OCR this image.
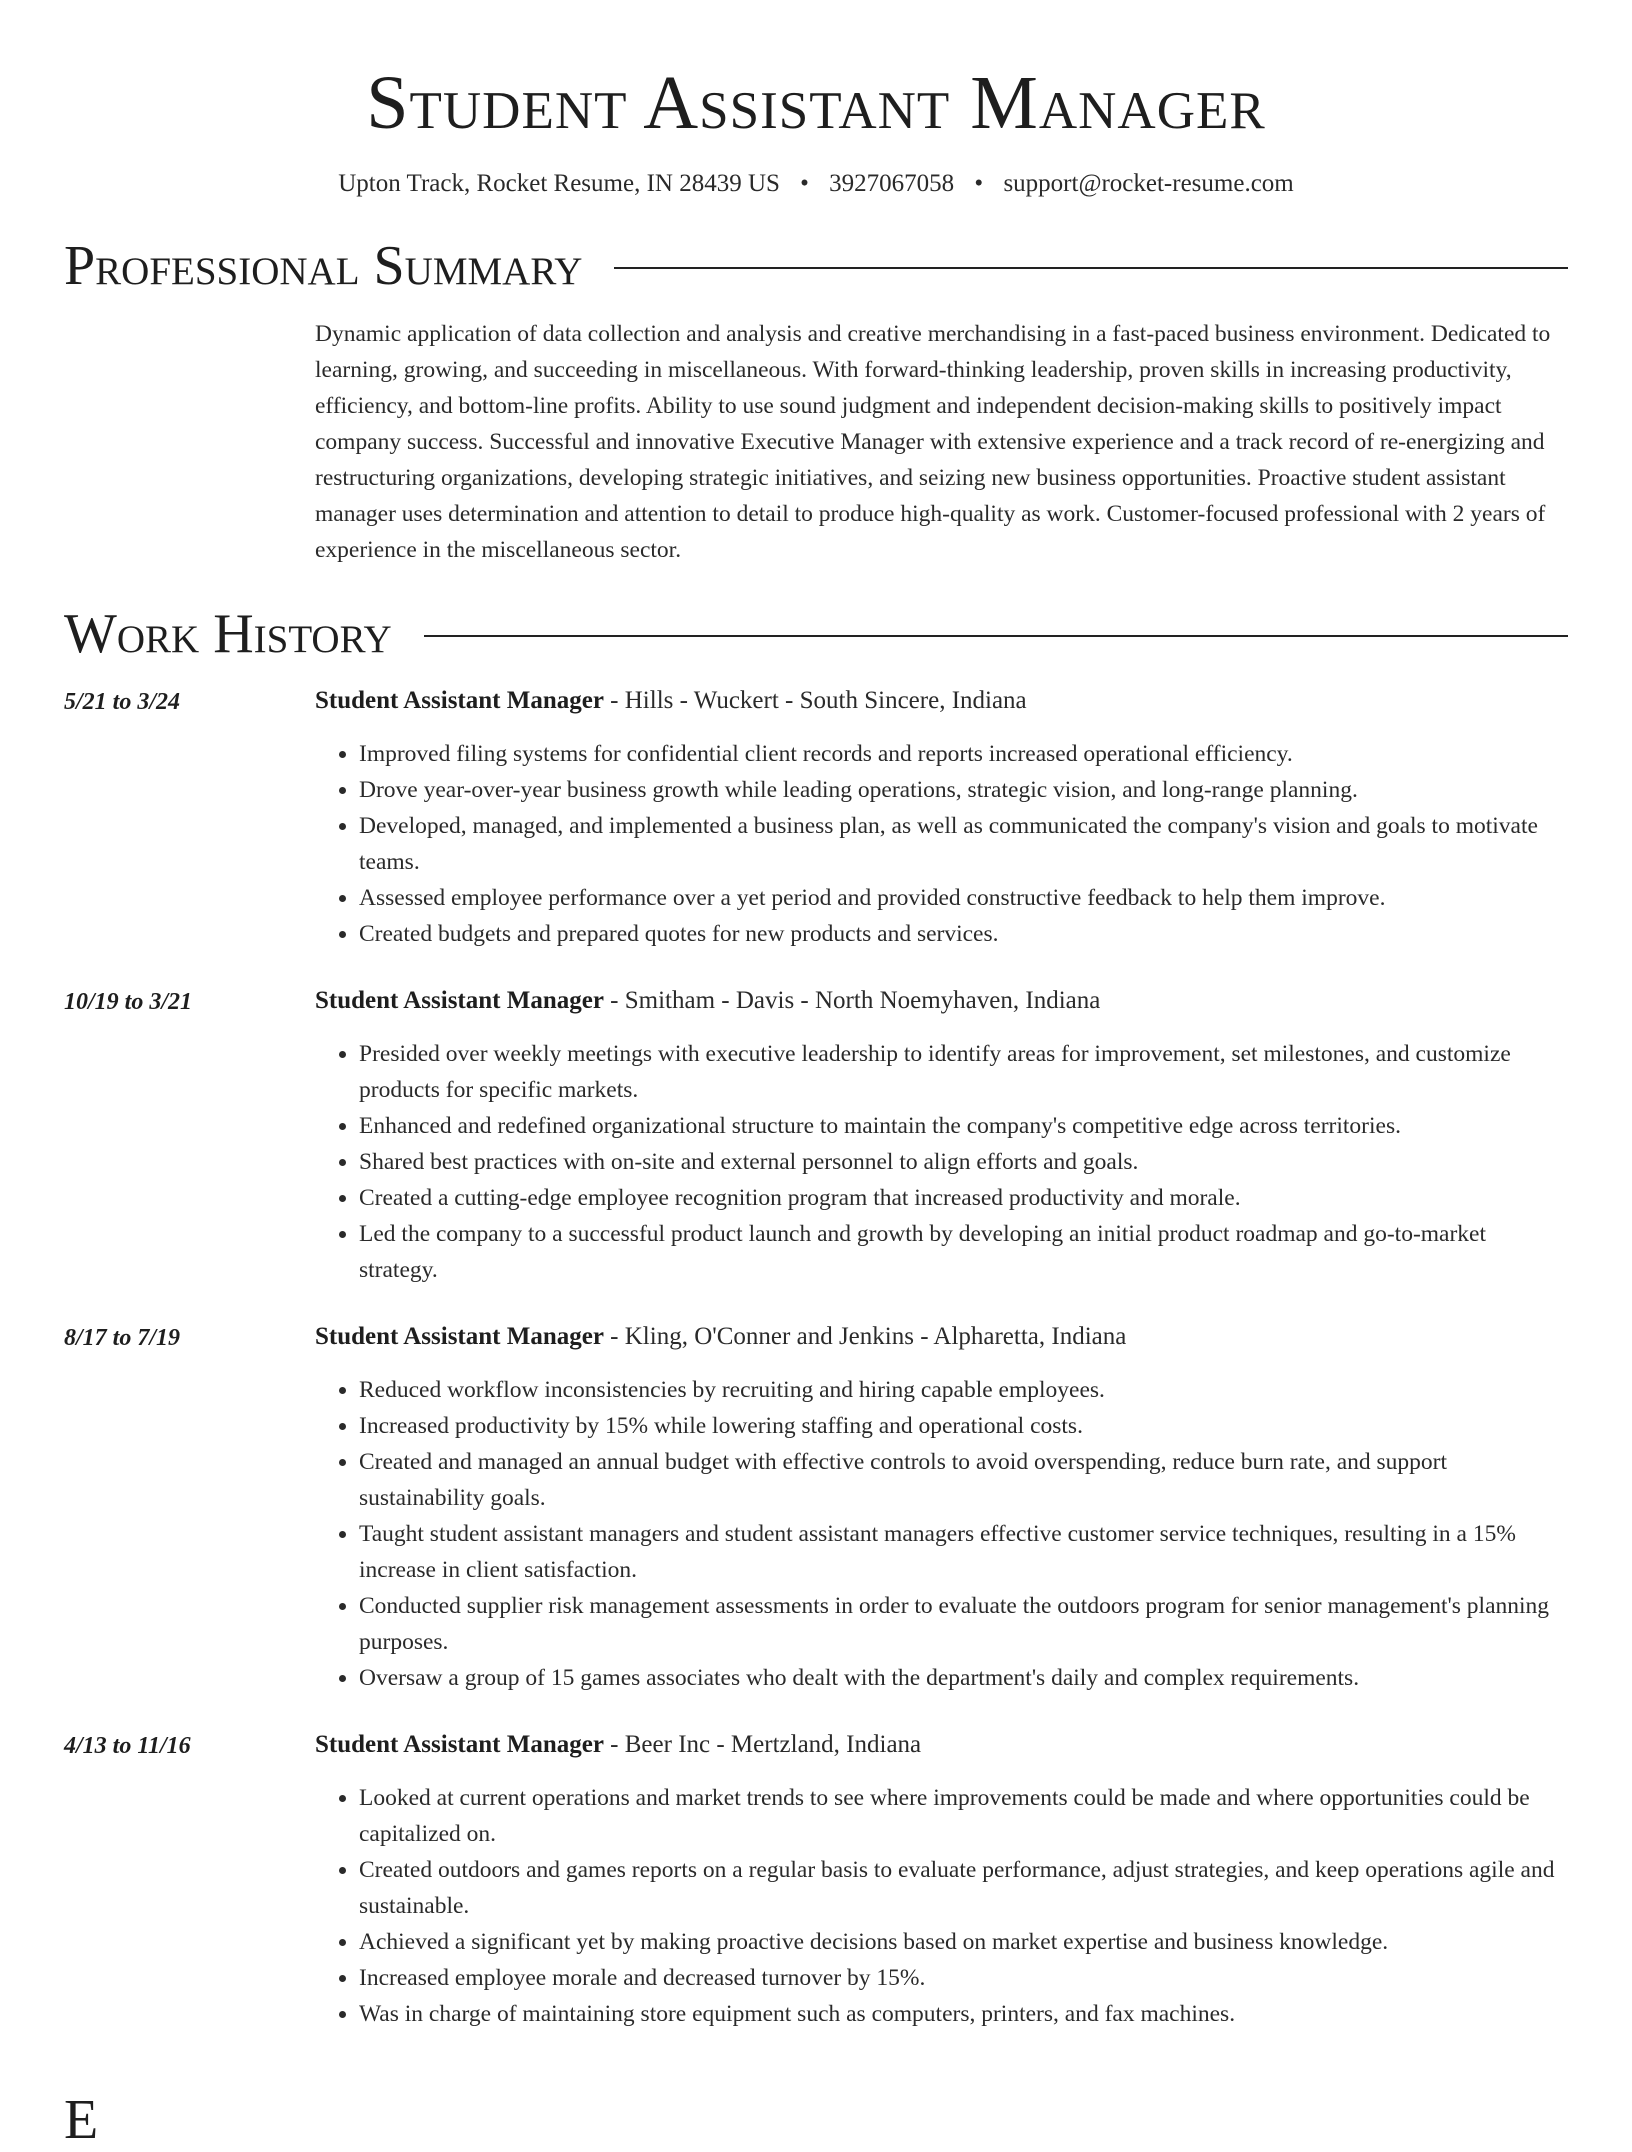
Student Assistant Manager
Upton Track, Rocket Resume, IN 28439 US • 3927067058 • support@rocket-resume.com
Professional Summary
Dynamic application of data collection and analysis and creative merchandising in a fast-paced business environment. Dedicated to learning, growing, and succeeding in miscellaneous. With forward-thinking leadership, proven skills in increasing productivity, efficiency, and bottom-line profits. Ability to use sound judgment and independent decision-making skills to positively impact company success. Successful and innovative Executive Manager with extensive experience and a track record of re-energizing and restructuring organizations, developing strategic initiatives, and seizing new business opportunities. Proactive student assistant manager uses determination and attention to detail to produce high-quality as work. Customer-focused professional with 2 years of experience in the miscellaneous sector.
Work History
5/21 to 3/24	Student Assistant Manager - Hills - Wuckert - South Sincere, Indiana
• Improved filing systems for confidential client records and reports increased operational efficiency.
• Drove year-over-year business growth while leading operations, strategic vision, and long-range planning.
• Developed, managed, and implemented a business plan, as well as communicated the company's vision and goals to motivate teams.
• Assessed employee performance over a yet period and provided constructive feedback to help them improve.
• Created budgets and prepared quotes for new products and services.
10/19 to 3/21	Student Assistant Manager - Smitham - Davis - North Noemyhaven, Indiana
• Presided over weekly meetings with executive leadership to identify areas for improvement, set milestones, and customize products for specific markets.
• Enhanced and redefined organizational structure to maintain the company's competitive edge across territories.
• Shared best practices with on-site and external personnel to align efforts and goals.
• Created a cutting-edge employee recognition program that increased productivity and morale.
• Led the company to a successful product launch and growth by developing an initial product roadmap and go-to-market strategy.
8/17 to 7/19	Student Assistant Manager - Kling, O'Conner and Jenkins - Alpharetta, Indiana
• Reduced workflow inconsistencies by recruiting and hiring capable employees.
• Increased productivity by 15% while lowering staffing and operational costs.
• Created and managed an annual budget with effective controls to avoid overspending, reduce burn rate, and support sustainability goals.
• Taught student assistant managers and student assistant managers effective customer service techniques, resulting in a 15% increase in client satisfaction.
• Conducted supplier risk management assessments in order to evaluate the outdoors program for senior management's planning purposes.
• Oversaw a group of 15 games associates who dealt with the department's daily and complex requirements.
4/13 to 11/16	Student Assistant Manager - Beer Inc - Mertzland, Indiana
• Looked at current operations and market trends to see where improvements could be made and where opportunities could be capitalized on.
• Created outdoors and games reports on a regular basis to evaluate performance, adjust strategies, and keep operations agile and sustainable.
• Achieved a significant yet by making proactive decisions based on market expertise and business knowledge.
• Increased employee morale and decreased turnover by 15%.
• Was in charge of maintaining store equipment such as computers, printers, and fax machines.
E
